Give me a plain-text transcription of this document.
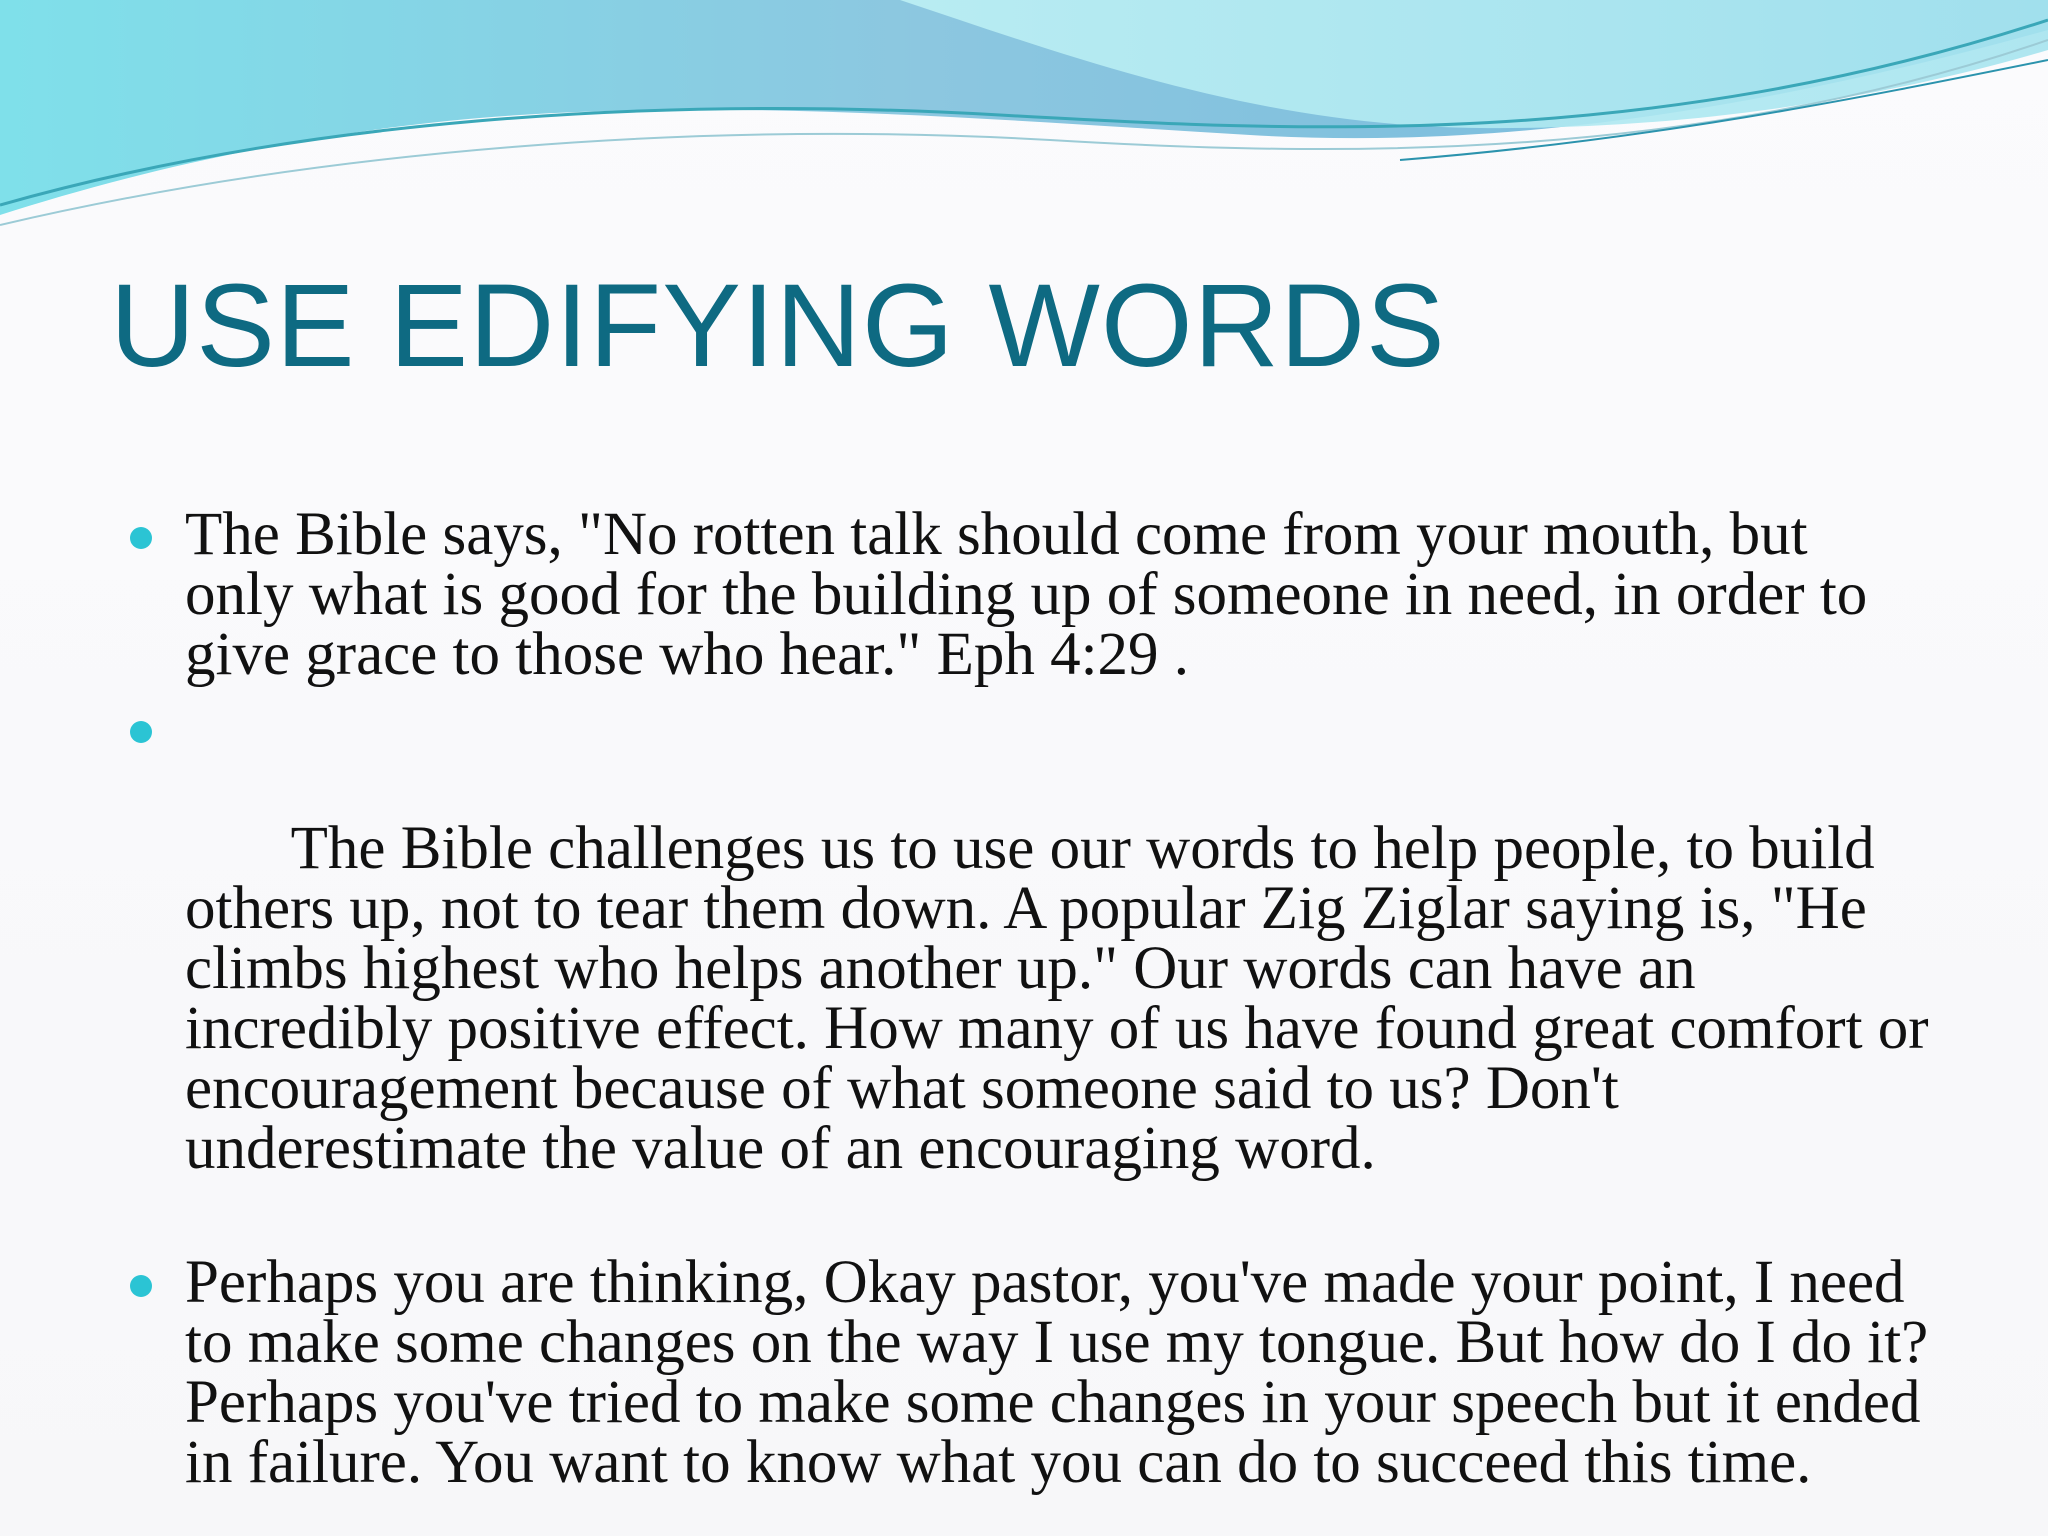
USE EDIFYING WORDS
The Bible says, "No rotten talk should come from your mouth, but only what is good for the building up of someone in need, in order to give grace to those who hear." Eph 4:29 .

The Bible challenges us to use our words to help people, to build others up, not to tear them down. A popular Zig Ziglar saying is, "He climbs highest who helps another up." Our words can have an incredibly positive effect. How many of us have found great comfort or encouragement because of what someone said to us? Don't underestimate the value of an encouraging word.

Perhaps you are thinking, Okay pastor, you've made your point, I need to make some changes on the way I use my tongue. But how do I do it? Perhaps you've tried to make some changes in your speech but it ended in failure. You want to know what you can do to succeed this time.
